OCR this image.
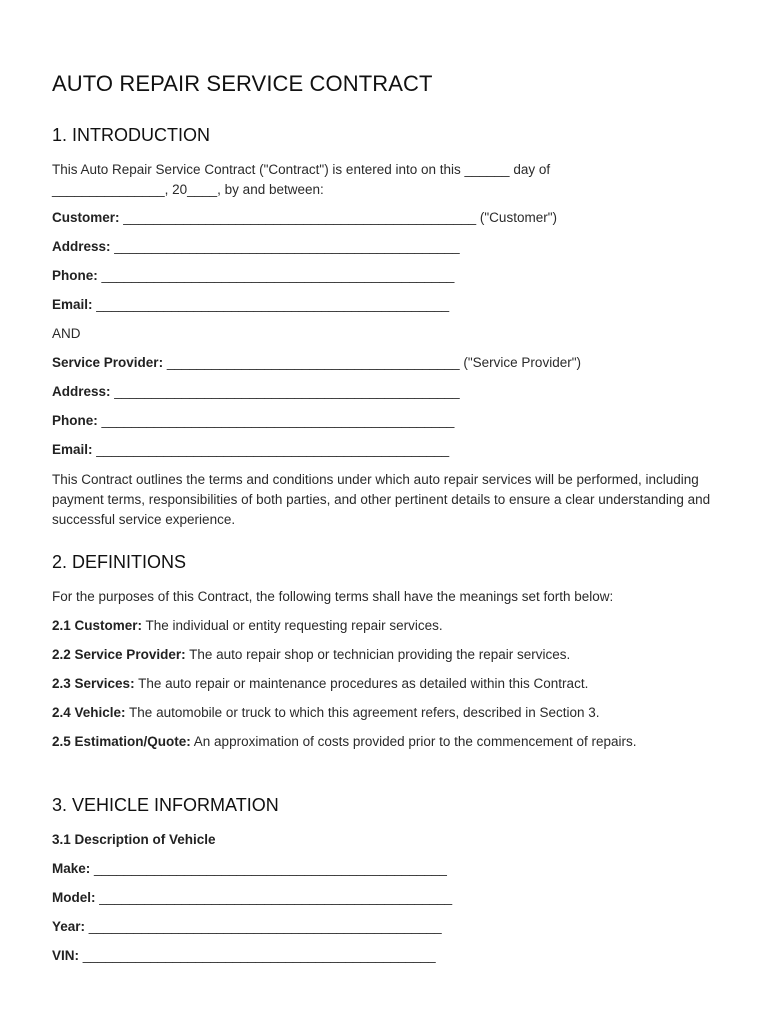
AUTO REPAIR SERVICE CONTRACT
1. INTRODUCTION

This Auto Repair Service Contract ("Contract") is entered into on this ______ day of
_______________, 20____, by and between:

Customer: _______________________________________________ ("Customer")

Address: ______________________________________________

Phone: _______________________________________________

Email: _______________________________________________

AND

Service Provider: _______________________________________ ("Service Provider")

Address: ______________________________________________

Phone: _______________________________________________

Email: _______________________________________________

This Contract outlines the terms and conditions under which auto repair services will be performed, including payment terms, responsibilities of both parties, and other pertinent details to ensure a clear understanding and successful service experience.

2. DEFINITIONS

For the purposes of this Contract, the following terms shall have the meanings set forth below:

2.1 Customer: The individual or entity requesting repair services.

2.2 Service Provider: The auto repair shop or technician providing the repair services.

2.3 Services: The auto repair or maintenance procedures as detailed within this Contract.

2.4 Vehicle: The automobile or truck to which this agreement refers, described in Section 3.

2.5 Estimation/Quote: An approximation of costs provided prior to the commencement of repairs.

3. VEHICLE INFORMATION

3.1 Description of Vehicle

Make: _______________________________________________

Model: _______________________________________________

Year: _______________________________________________

VIN: _______________________________________________
